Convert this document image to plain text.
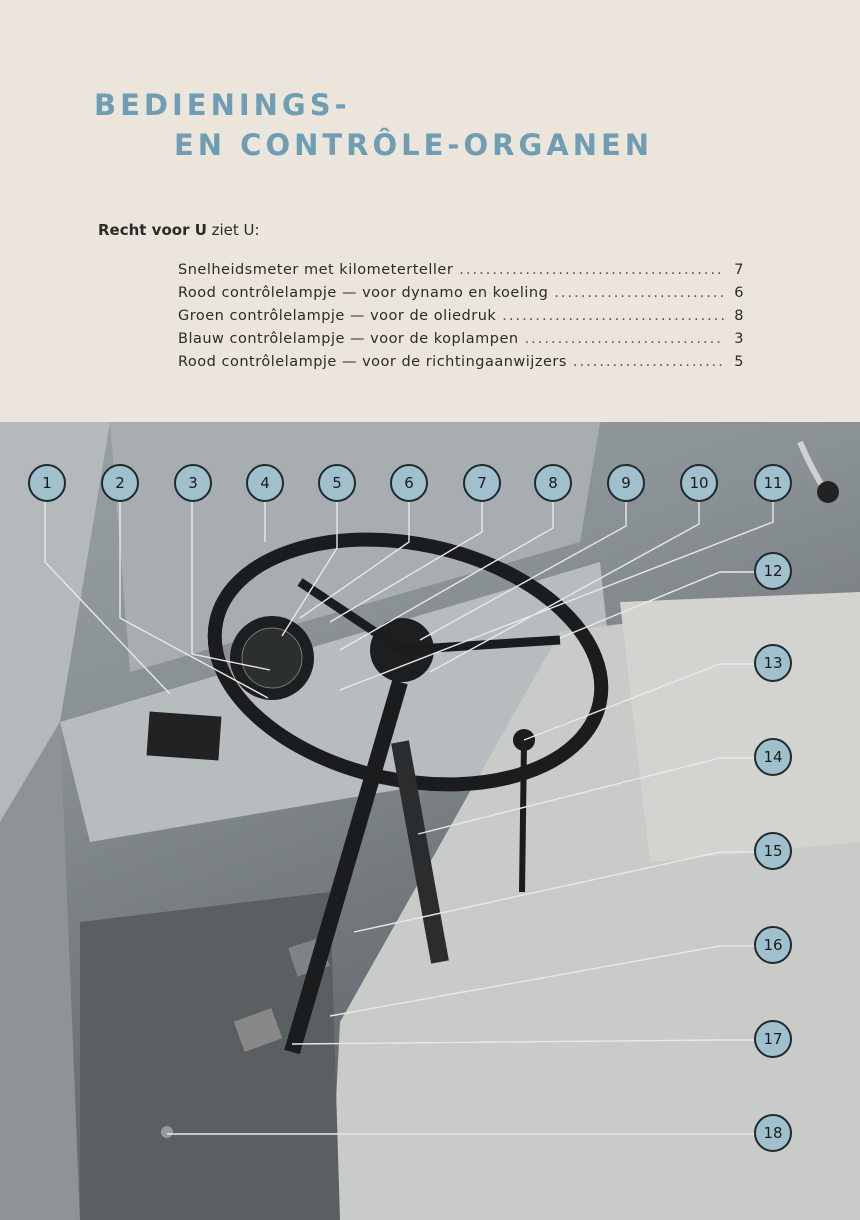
BEDIENINGS-
EN CONTRÔLE-ORGANEN
Recht voor U ziet U:
Snelheidsmeter met kilometerteller .....	7
Rood contrôlelampje — voor dynamo en koeling .....	6
Groen contrôlelampje — voor de oliedruk .....	8
Blauw contrôlelampje — voor de koplampen .....	3
Rood contrôlelampje — voor de richtingaanwijzers .....	5
1	2	3	4	5	6	7	8	9	10	11
12
13
14
15
16
17
18
